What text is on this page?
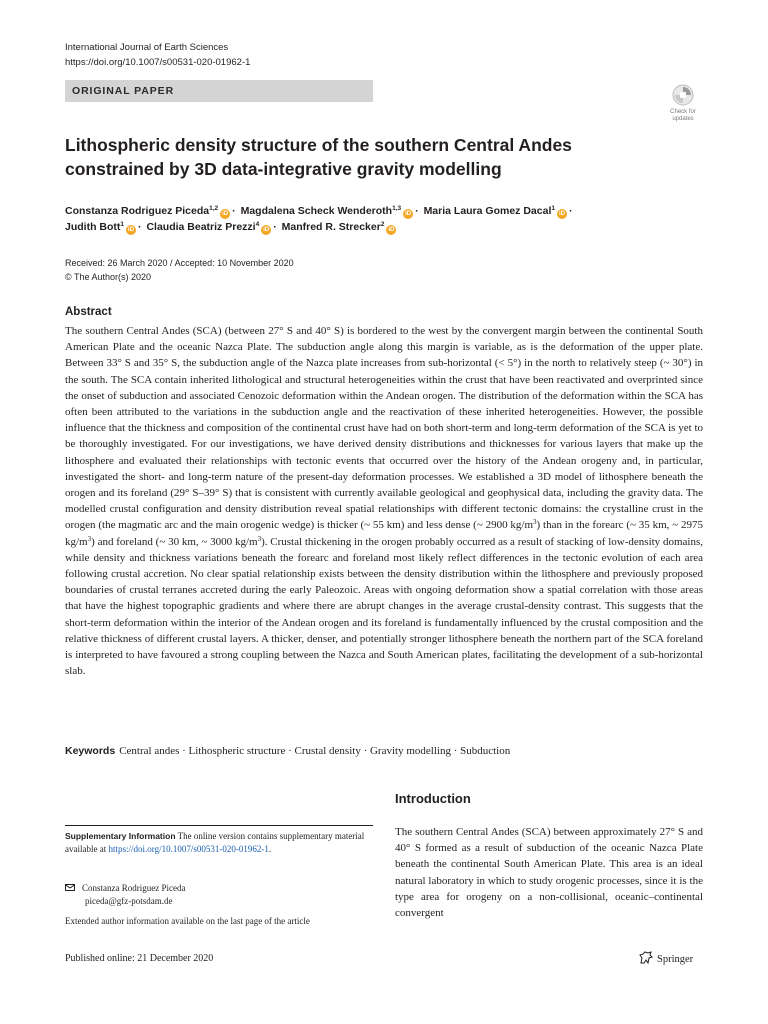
International Journal of Earth Sciences
https://doi.org/10.1007/s00531-020-01962-1
ORIGINAL PAPER
Check for
updates
Lithospheric density structure of the southern Central Andes constrained by 3D data-integrative gravity modelling
Constanza Rodriguez Piceda$^{1,2}$iD · Magdalena Scheck Wenderoth$^{1,3}$iD · Maria Laura Gomez Dacal$^1$iD ·
Judith Bott$^1$iD · Claudia Beatriz Prezzi$^4$iD · Manfred R. Strecker$^2$iD
Received: 26 March 2020 / Accepted: 10 November 2020
© The Author(s) 2020
Abstract

The southern Central Andes (SCA) (between 27° S and 40° S) is bordered to the west by the convergent margin between the continental South American Plate and the oceanic Nazca Plate. The subduction angle along this margin is variable, as is the deformation of the upper plate. Between 33° S and 35° S, the subduction angle of the Nazca plate increases from sub-horizontal (< 5°) in the north to relatively steep (~ 30°) in the south. The SCA contain inherited lithological and structural heterogeneities within the crust that have been reactivated and overprinted since the onset of subduction and associated Cenozoic deformation within the Andean orogen. The distribution of the deformation within the SCA has often been attributed to the variations in the subduction angle and the reactivation of these inherited heterogeneities. However, the possible influence that the thickness and composition of the continental crust have had on both short-term and long-term deformation of the SCA is yet to be thoroughly investigated. For our investigations, we have derived density distributions and thicknesses for various layers that make up the lithosphere and evaluated their relationships with tectonic events that occurred over the history of the Andean orogeny and, in particular, investigated the short- and long-term nature of the present-day deformation processes. We established a 3D model of lithosphere beneath the orogen and its foreland (29° S–39° S) that is consistent with currently available geological and geophysical data, including the gravity data. The modelled crustal configuration and density distribution reveal spatial relationships with different tectonic domains: the crystalline crust in the orogen (the magmatic arc and the main orogenic wedge) is thicker (~ 55 km) and less dense (~ 2900 $kg/m^3$) than in the forearc (~ 35 km, ~ 2975 $kg/m^3$) and foreland (~ 30 km, ~ 3000 $kg/m^3$). Crustal thickening in the orogen probably occurred as a result of stacking of low-density domains, while density and thickness variations beneath the forearc and foreland most likely reflect differences in the tectonic evolution of each area following crustal accretion. No clear spatial relationship exists between the density distribution within the lithosphere and previously proposed boundaries of crustal terranes accreted during the early Paleozoic. Areas with ongoing deformation show a spatial correlation with those areas that have the highest topographic gradients and where there are abrupt changes in the average crustal-density contrast. This suggests that the short-term deformation within the interior of the Andean orogen and its foreland is fundamentally influenced by the crustal composition and the relative thickness of different crustal layers. A thicker, denser, and potentially stronger lithosphere beneath the northern part of the SCA foreland is interpreted to have favoured a strong coupling between the Nazca and South American plates, facilitating the development of a sub-horizontal slab.

Keywords Central andes · Lithospheric structure · Crustal density · Gravity modelling · Subduction
Introduction

The southern Central Andes (SCA) between approximately 27° S and 40° S formed as a result of subduction of the oceanic Nazca Plate beneath the continental South American Plate. This area is an ideal natural laboratory in which to study orogenic processes, since it is the type area for orogeny on a non-collisional, oceanic–continental convergent

Supplementary Information The online version contains supplementary material available at https://doi.org/10.1007/s00531-020-01962-1.
Constanza Rodriguez Piceda
piceda@gfz-potsdam.de
Extended author information available on the last page of the article
Published online: 21 December 2020	Springer
